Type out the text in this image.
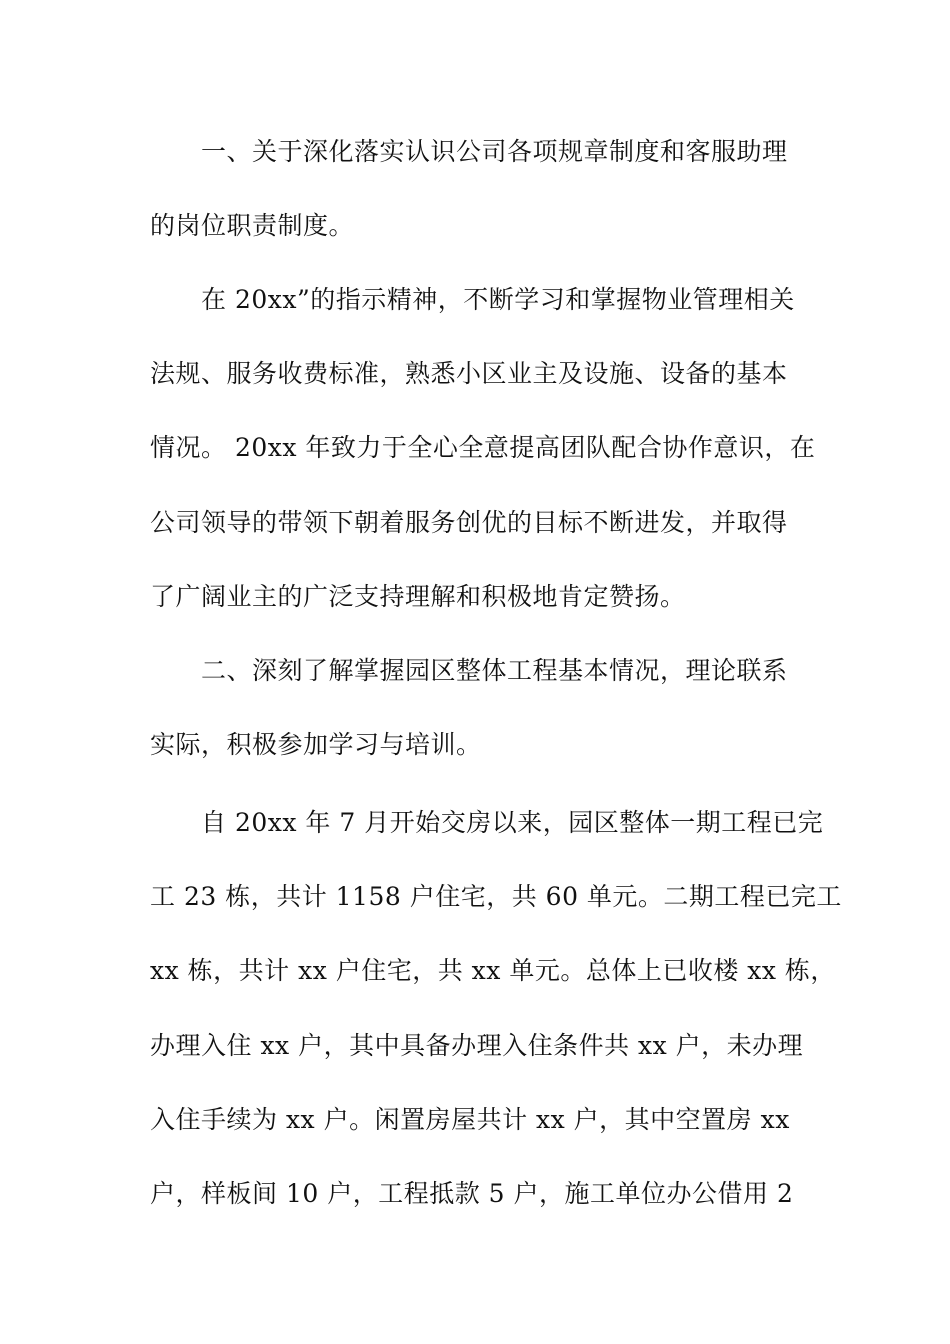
一、关于深化落实认识公司各项规章制度和客服助理
的岗位职责制度。
在 20xx”的指示精神，不断学习和掌握物业管理相关
法规、服务收费标准，熟悉小区业主及设施、设备的基本
情况。 20xx 年致力于全心全意提高团队配合协作意识，在
公司领导的带领下朝着服务创优的目标不断进发，并取得
了广阔业主的广泛支持理解和积极地肯定赞扬。
二、深刻了解掌握园区整体工程基本情况，理论联系
实际，积极参加学习与培训。
自 20xx 年 7 月开始交房以来，园区整体一期工程已完
工 23 栋，共计 1158 户住宅，共 60 单元。二期工程已完工
xx 栋，共计 xx 户住宅，共 xx 单元。总体上已收楼 xx 栋，
办理入住 xx 户，其中具备办理入住条件共 xx 户，未办理
入住手续为 xx 户。闲置房屋共计 xx 户，其中空置房 xx
户，样板间 10 户，工程抵款 5 户，施工单位办公借用 2
